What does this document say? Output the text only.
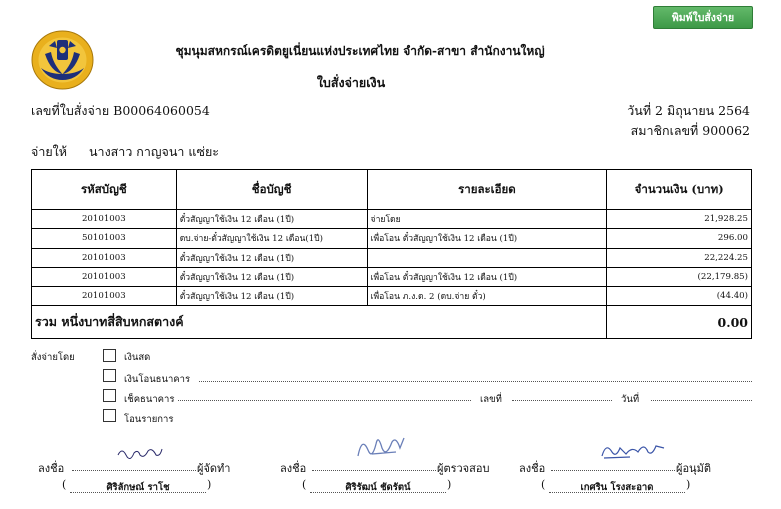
พิมพ์ใบสั่งจ่าย
ชุมนุมสหกรณ์เครดิตยูเนี่ยนแห่งประเทศไทย จำกัด-สาขา สำนักงานใหญ่
ใบสั่งจ่ายเงิน
เลขที่ใบสั่งจ่าย B00064060054	วันที่ 2 มิถุนายน 2564
สมาชิกเลขที่ 900062
จ่ายให้ นางสาว กาญจนา แซ่ยะ
รหัสบัญชี	ชื่อบัญชี	รายละเอียด	จำนวนเงิน (บาท)
20101003	ตั๋วสัญญาใช้เงิน 12 เดือน (1ปี)	จ่ายโดย	21,928.25
50101003	ดบ.จ่าย-ตั๋วสัญญาใช้เงิน 12 เดือน(1ปี)	เพื่อโอน ตั๋วสัญญาใช้เงิน 12 เดือน (1ปี)	296.00
20101003	ตั๋วสัญญาใช้เงิน 12 เดือน (1ปี)		22,224.25
20101003	ตั๋วสัญญาใช้เงิน 12 เดือน (1ปี)	เพื่อโอน ตั๋วสัญญาใช้เงิน 12 เดือน (1ปี)	(22,179.85)
20101003	ตั๋วสัญญาใช้เงิน 12 เดือน (1ปี)	เพื่อโอน ภ.ง.ด. 2 (ดบ.จ่าย ตั๋ว)	(44.40)
รวม หนึ่งบาทสี่สิบหกสตางค์			0.00
สั่งจ่ายโดย	เงินสด
เงินโอนธนาคาร
เช็คธนาคาร	เลขที่	วันที่
โอนรายการ
ลงชื่อ	ผู้จัดทำ
(	ศิริลักษณ์ ราโช	)
ลงชื่อ	ผู้ตรวจสอบ
(	ศิริรัฒน์ ชัดรัตน์	)
ลงชื่อ	ผู้อนุมัติ
(	เกศริน โรงสะอาด	)
